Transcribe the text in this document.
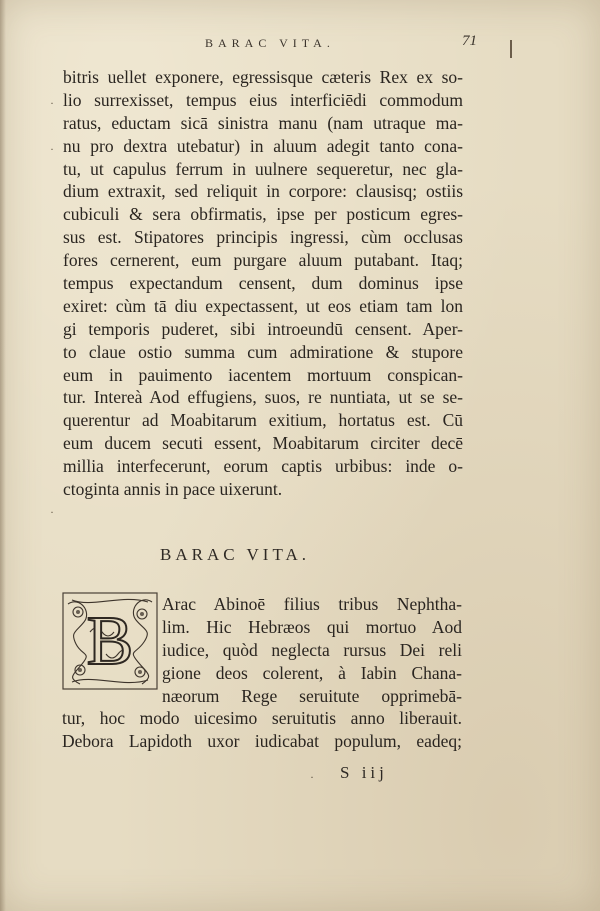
BARAC VITA.	71
·
·
·
bitris uellet exponere, egressisque cæteris Rex ex so-
lio surrexisset, tempus eius interficiēdi commodum
ratus, eductam sicā sinistra manu (nam utraque ma-
nu pro dextra utebatur) in aluum adegit tanto cona-
tu, ut capulus ferrum in uulnere sequeretur, nec gla-
dium extraxit, sed reliquit in corpore: clausisq; ostiis
cubiculi & sera obfirmatis, ipse per posticum egres-
sus est. Stipatores principis ingressi, cùm occlusas
fores cernerent, eum purgare aluum putabant. Itaq;
tempus expectandum censent, dum dominus ipse
exiret: cùm tā diu expectassent, ut eos etiam tam lon
gi temporis puderet, sibi introeundū censent. Aper-
to claue ostio summa cum admiratione & stupore
eum in pauimento iacentem mortuum conspican-
tur. Intereà Aod effugiens, suos, re nuntiata, ut se se-
querentur ad Moabitarum exitium, hortatus est. Cū
eum ducem secuti essent, Moabitarum circiter decē
millia interfecerunt, eorum captis urbibus: inde o-
ctoginta annis in pace uixerunt.
BARAC VITA.
B	Arac Abinoē filius tribus Nephtha-
lim. Hic Hebræos qui mortuo Aod
iudice, quòd neglecta rursus Dei reli
gione deos colerent, à Iabin Chana-
næorum Rege seruitute opprimebā-
tur, hoc modo uicesimo seruitutis anno liberauit.
Debora Lapidoth uxor iudicabat populum, eadeq;
· S iij
